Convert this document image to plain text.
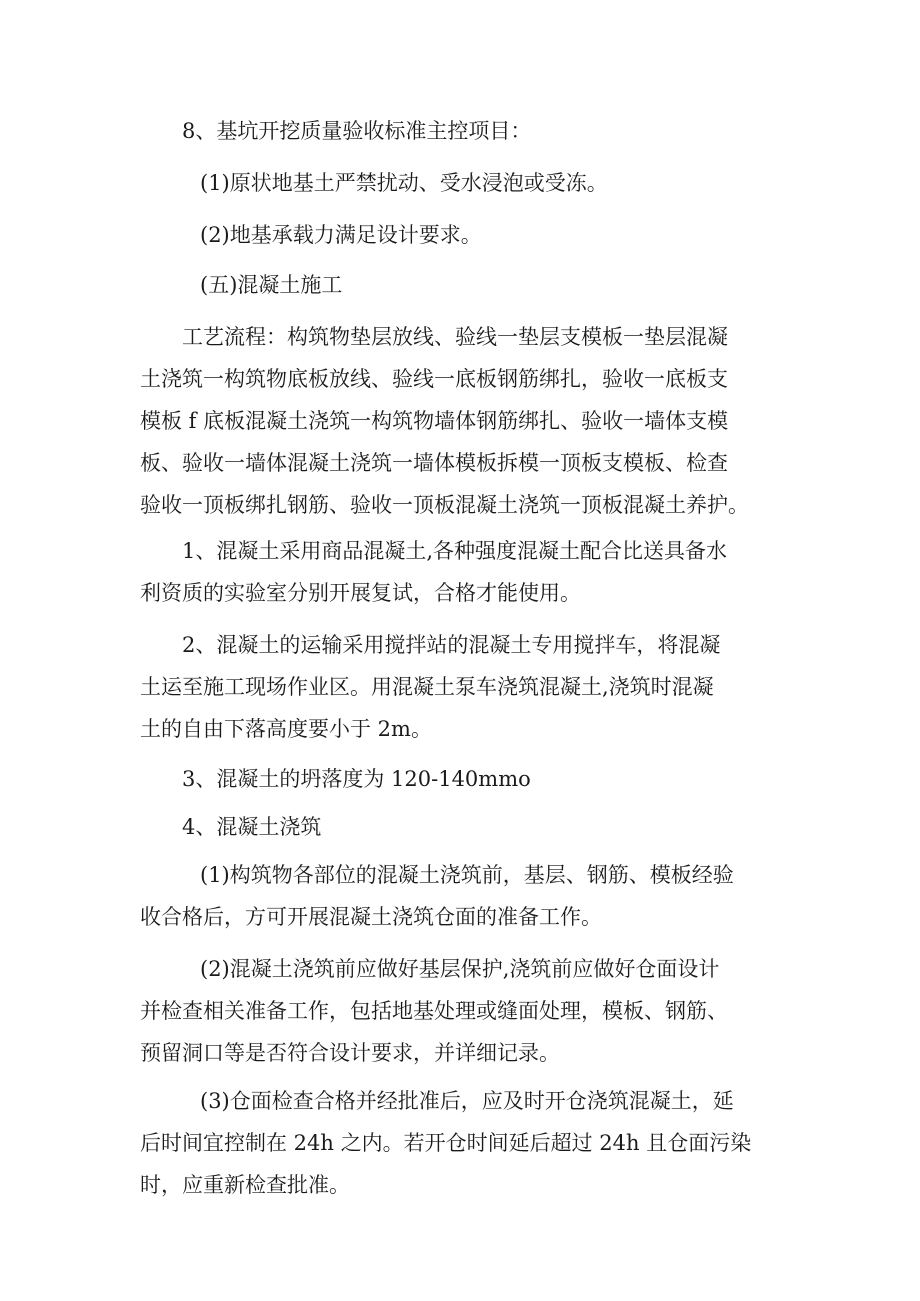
8、基坑开挖质量验收标准主控项目：

(1)原状地基土严禁扰动、受水浸泡或受冻。

(2)地基承载力满足设计要求。

(五)混凝土施工

工艺流程：构筑物垫层放线、验线一垫层支模板一垫层混凝
土浇筑一构筑物底板放线、验线一底板钢筋绑扎，验收一底板支
模板 f 底板混凝土浇筑一构筑物墙体钢筋绑扎、验收一墙体支模
板、验收一墙体混凝土浇筑一墙体模板拆模一顶板支模板、检查
验收一顶板绑扎钢筋、验收一顶板混凝土浇筑一顶板混凝土养护。

1、混凝土采用商品混凝土,各种强度混凝土配合比送具备水
利资质的实验室分别开展复试，合格才能使用。

2、混凝土的运输采用搅拌站的混凝土专用搅拌车，将混凝
土运至施工现场作业区。用混凝土泵车浇筑混凝土,浇筑时混凝
土的自由下落高度要小于 2m。

3、混凝土的坍落度为 120-140mmo

4、混凝土浇筑

(1)构筑物各部位的混凝土浇筑前，基层、钢筋、模板经验
收合格后，方可开展混凝土浇筑仓面的准备工作。

(2)混凝土浇筑前应做好基层保护,浇筑前应做好仓面设计
并检查相关准备工作，包括地基处理或缝面处理，模板、钢筋、
预留洞口等是否符合设计要求，并详细记录。

(3)仓面检查合格并经批准后，应及时开仓浇筑混凝土，延
后时间宜控制在 24h 之内。若开仓时间延后超过 24h 且仓面污染
时，应重新检查批准。
